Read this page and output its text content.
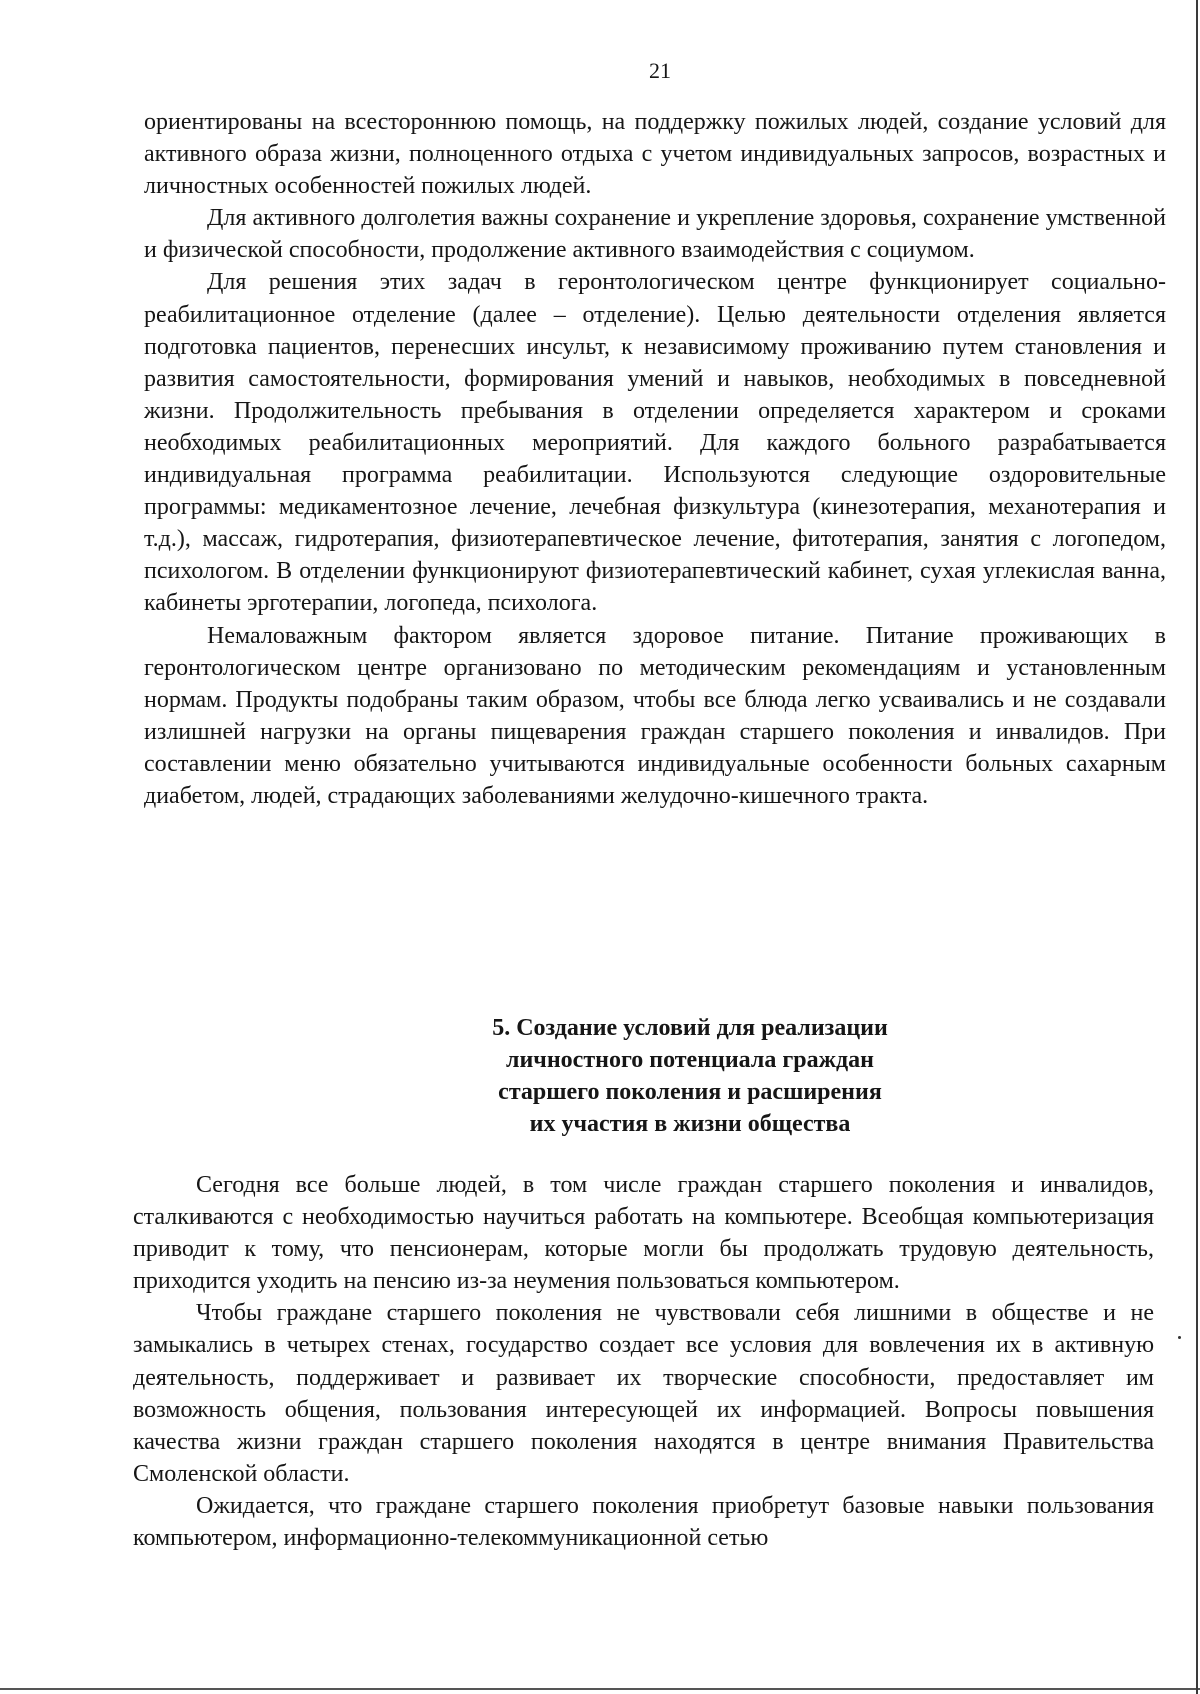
21

ориентированы на всестороннюю помощь, на поддержку пожилых людей, создание условий для активного образа жизни, полноценного отдыха с учетом индивидуальных запросов, возрастных и личностных особенностей пожилых людей.

Для активного долголетия важны сохранение и укрепление здоровья, сохранение умственной и физической способности, продолжение активного взаимодействия с социумом.

Для решения этих задач в геронтологическом центре функционирует социально-реабилитационное отделение (далее – отделение). Целью деятельности отделения является подготовка пациентов, перенесших инсульт, к независимому проживанию путем становления и развития самостоятельности, формирования умений и навыков, необходимых в повседневной жизни. Продолжительность пребывания в отделении определяется характером и сроками необходимых реабилитационных мероприятий. Для каждого больного разрабатывается индивидуальная программа реабилитации. Используются следующие оздоровительные программы: медикаментозное лечение, лечебная физкультура (кинезотерапия, механотерапия и т.д.), массаж, гидротерапия, физиотерапевтическое лечение, фитотерапия, занятия с логопедом, психологом. В отделении функционируют физиотерапевтический кабинет, сухая углекислая ванна, кабинеты эрготерапии, логопеда, психолога.

Немаловажным фактором является здоровое питание. Питание проживающих в геронтологическом центре организовано по методическим рекомендациям и установленным нормам. Продукты подобраны таким образом, чтобы все блюда легко усваивались и не создавали излишней нагрузки на органы пищеварения граждан старшего поколения и инвалидов. При составлении меню обязательно учитываются индивидуальные особенности больных сахарным диабетом, людей, страдающих заболеваниями желудочно-кишечного тракта.

5. Создание условий для реализации
личностного потенциала граждан
старшего поколения и расширения
их участия в жизни общества

Сегодня все больше людей, в том числе граждан старшего поколения и инвалидов, сталкиваются с необходимостью научиться работать на компьютере. Всеобщая компьютеризация приводит к тому, что пенсионерам, которые могли бы продолжать трудовую деятельность, приходится уходить на пенсию из-за неумения пользоваться компьютером.

Чтобы граждане старшего поколения не чувствовали себя лишними в обществе и не замыкались в четырех стенах, государство создает все условия для вовлечения их в активную деятельность, поддерживает и развивает их творческие способности, предоставляет им возможность общения, пользования интересующей их информацией. Вопросы повышения качества жизни граждан старшего поколения находятся в центре внимания Правительства Смоленской области.

Ожидается, что граждане старшего поколения приобретут базовые навыки пользования компьютером, информационно-телекоммуникационной сетью
